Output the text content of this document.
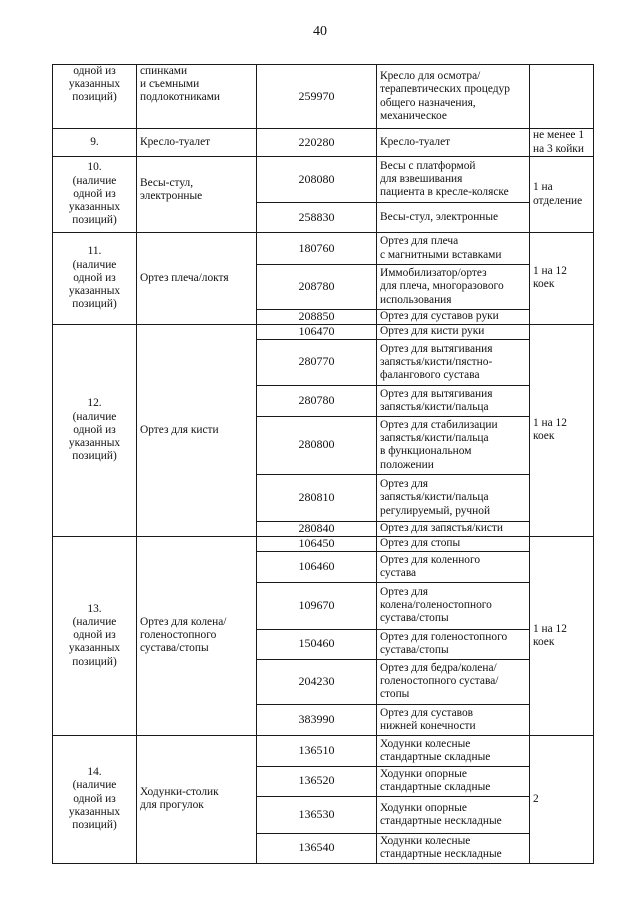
40
одной из
указанных
позиций)	спинками
и съемными
подлокотниками	259970	Кресло для осмотра/
терапевтических процедур
общего назначения,
механическое	

9.	Кресло-туалет	220280	Кресло-туалет	не менее 1
на 3 койки

10.
(наличие
одной из
указанных
позиций)	Весы-стул,
электронные	208080	Весы с платформой
для взвешивания
пациента в кресле-коляске	1 на
отделение

		258830	Весы-стул, электронные	

11.
(наличие
одной из
указанных
позиций)	Ортез плеча/локтя	180760	Ортез для плеча
с магнитными вставками	1 на 12 коек
		208780	Иммобилизатор/ортез
для плеча, многоразового
использования	

		208850	Ортез для суставов руки	

12.
(наличие
одной из
указанных
позиций)	Ортез для кисти	106470	Ортез для кисти руки	1 на 12 коек
		280770	Ортез для вытягивания
запястья/кисти/пястно-
фалангового сустава	

		280780	Ортез для вытягивания
запястья/кисти/пальца	

		280800	Ортез для стабилизации
запястья/кисти/пальца
в функциональном
положении	

		280810	Ортез для
запястья/кисти/пальца
регулируемый, ручной	

		280840	Ортез для запястья/кисти	

13.
(наличие
одной из
указанных
позиций)	Ортез для колена/
голеностопного
сустава/стопы	106450	Ортез для стопы	1 на 12 коек
		106460	Ортез для коленного
сустава	

		109670	Ортез для
колена/голеностопного
сустава/стопы	

		150460	Ортез для голеностопного
сустава/стопы	

		204230	Ортез для бедра/колена/
голеностопного сустава/
стопы	

		383990	Ортез для суставов
нижней конечности	

14.
(наличие
одной из
указанных
позиций)	Ходунки-столик
для прогулок	136510	Ходунки колесные
стандартные складные	2
		136520	Ходунки опорные
стандартные складные	

		136530	Ходунки опорные
стандартные нескладные	

		136540	Ходунки колесные
стандартные нескладные	
